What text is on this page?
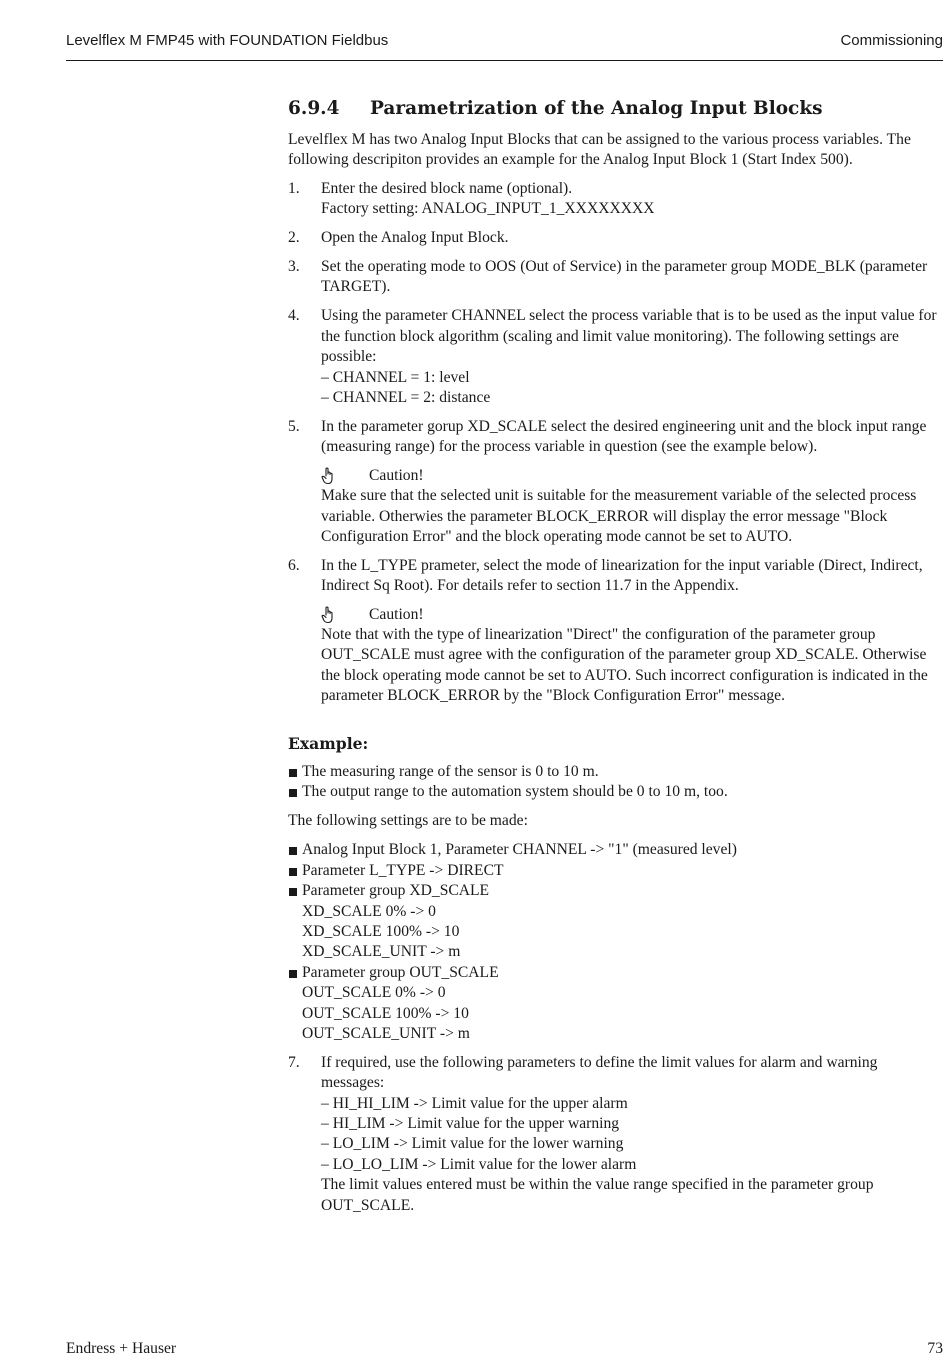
Levelflex M FMP45 with FOUNDATION Fieldbus	Commissioning
6.9.4	Parametrization of the Analog Input Blocks

Levelflex M has two Analog Input Blocks that can be assigned to the various process variables. The following descripiton provides an example for the Analog Input Block 1 (Start Index 500).

1.	Enter the desired block name (optional).
Factory setting: ANALOG_INPUT_1_XXXXXXXX
2.	Open the Analog Input Block.
3.	Set the operating mode to OOS (Out of Service) in the parameter group MODE_BLK (parameter TARGET).
4.	Using the parameter CHANNEL select the process variable that is to be used as the input value for the function block algorithm (scaling and limit value monitoring). The following settings are possible:
– CHANNEL = 1: level
– CHANNEL = 2: distance
5.	In the parameter gorup XD_SCALE select the desired engineering unit and the block input range (measuring range) for the process variable in question (see the example below).
Caution!
Make sure that the selected unit is suitable for the measurement variable of the selected process variable. Otherwies the parameter BLOCK_ERROR will display the error message "Block Configuration Error" and the block operating mode cannot be set to AUTO.
6.	In the L_TYPE prameter, select the mode of linearization for the input variable (Direct, Indirect, Indirect Sq Root). For details refer to section 11.7 in the Appendix.
Caution!
Note that with the type of linearization "Direct" the configuration of the parameter group OUT_SCALE must agree with the configuration of the parameter group XD_SCALE. Otherwise the block operating mode cannot be set to AUTO. Such incorrect configuration is indicated in the parameter BLOCK_ERROR by the "Block Configuration Error" message.

Example:

The measuring range of the sensor is 0 to 10 m.
The output range to the automation system should be 0 to 10 m, too.

The following settings are to be made:

Analog Input Block 1, Parameter CHANNEL -> "1" (measured level)
Parameter L_TYPE -> DIRECT
Parameter group XD_SCALE
XD_SCALE 0% -> 0
XD_SCALE 100% -> 10
XD_SCALE_UNIT -> m
Parameter group OUT_SCALE
OUT_SCALE 0% -> 0
OUT_SCALE 100% -> 10
OUT_SCALE_UNIT -> m
7.	If required, use the following parameters to define the limit values for alarm and warning messages:
– HI_HI_LIM -> Limit value for the upper alarm
– HI_LIM -> Limit value for the upper warning
– LO_LIM -> Limit value for the lower warning
– LO_LO_LIM -> Limit value for the lower alarm
The limit values entered must be within the value range specified in the parameter group OUT_SCALE.
Endress + Hauser	73
